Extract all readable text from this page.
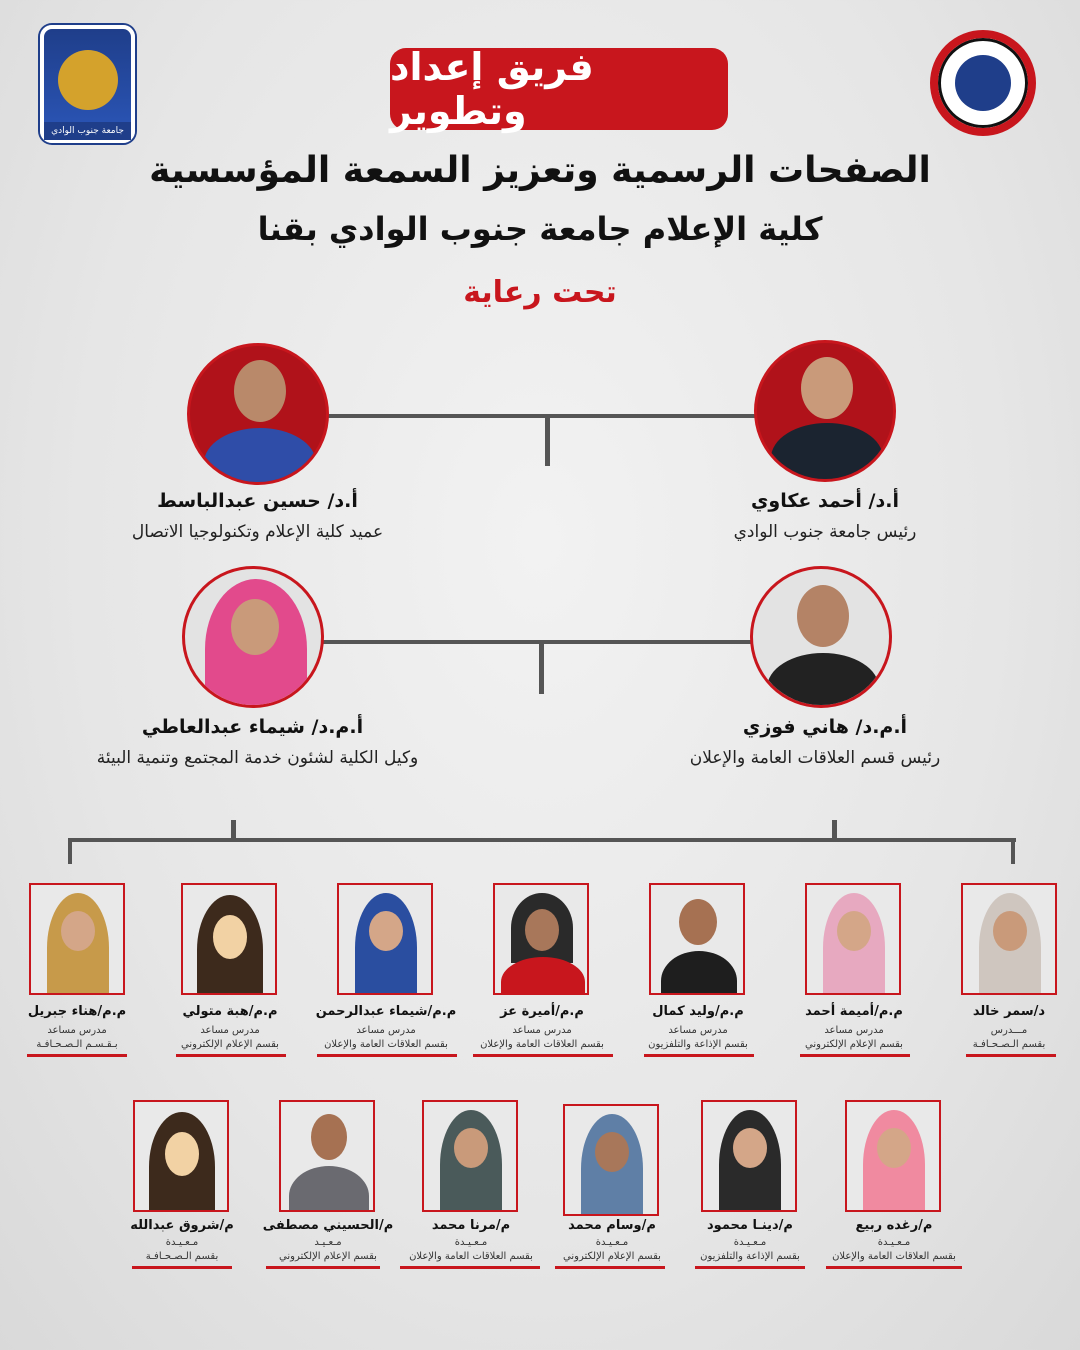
جامعة جنوب الوادي
فريق إعداد وتطوير
الصفحات الرسمية وتعزيز السمعة المؤسسية
كلية الإعلام جامعة جنوب الوادي بقنا
تحت رعاية
أ.د/ أحمد عكاوي
رئيس جامعة جنوب الوادي
أ.د/ حسين عبدالباسط
عميد كلية الإعلام وتكنولوجيا الاتصال
أ.م.د/ هاني فوزي
رئيس قسم العلاقات العامة والإعلان
أ.م.د/ شيماء عبدالعاطي
وكيل الكلية لشئون خدمة المجتمع وتنمية البيئة
د/سمر خالد
مـــدرس
بقسم الـصـحـافـة
م.م/أميمة أحمد
مدرس مساعد
بقسم الإعلام الإلكتروني
م.م/وليد كمال
مدرس مساعد
بقسم الإذاعة والتلفزيون
م.م/أميرة عز
مدرس مساعد
بقسم العلاقات العامة والإعلان
م.م/شيماء عبدالرحمن
مدرس مساعد
بقسم العلاقات العامة والإعلان
م.م/هبة متولي
مدرس مساعد
بقسم الإعلام الإلكتروني
م.م/هناء جبريل
مدرس مساعد
بـقـسـم الـصـحـافـة
م/رغده ربيع
مـعـيـدة
بقسم العلاقات العامة والإعلان
م/دينـا محمود
مـعـيـدة
بقسم الإذاعة والتلفزيون
م/وسام محمد
مـعـيـدة
بقسم الإعلام الإلكتروني
م/مرنا محمد
مـعـيـدة
بقسم العلاقات العامة والإعلان
م/الحسيني مصطفى
مـعـيـد
بقسم الإعلام الإلكتروني
م/شروق عبدالله
مـعـيـدة
بقسم الـصـحـافـة
